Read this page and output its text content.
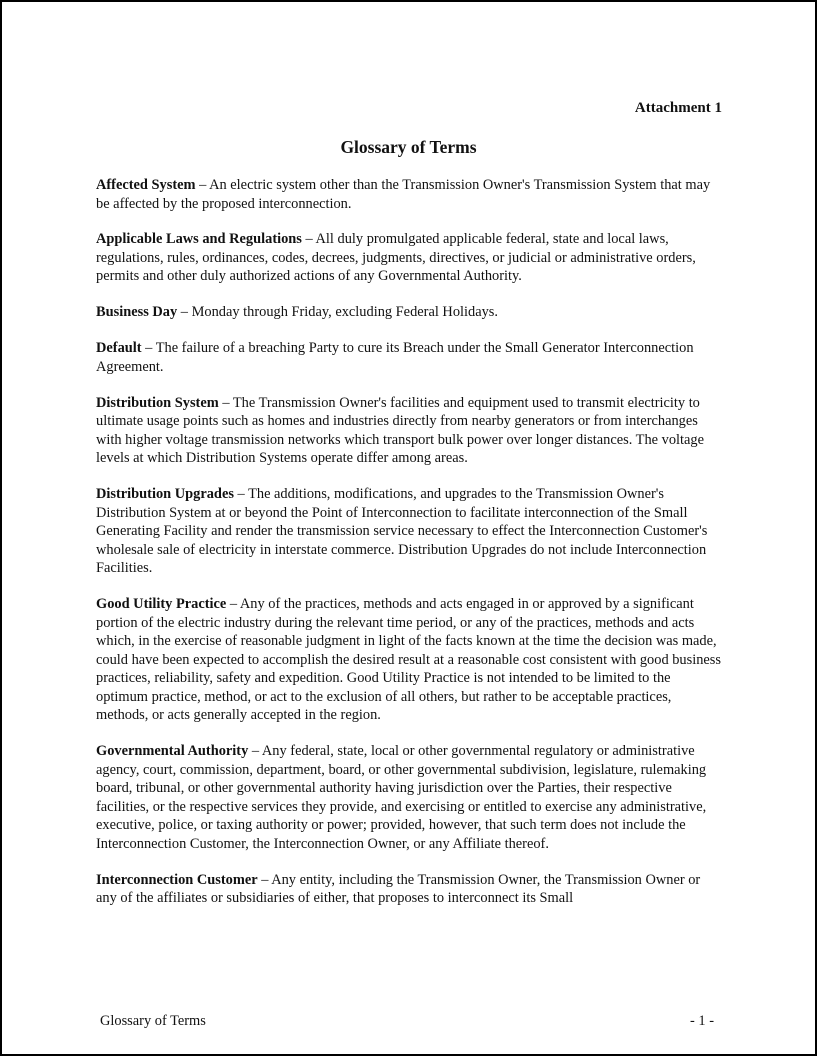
Attachment 1
Glossary of Terms

Affected System – An electric system other than the Transmission Owner's Transmission System that may be affected by the proposed interconnection.

Applicable Laws and Regulations – All duly promulgated applicable federal, state and local laws, regulations, rules, ordinances, codes, decrees, judgments, directives, or judicial or administrative orders, permits and other duly authorized actions of any Governmental Authority.

Business Day – Monday through Friday, excluding Federal Holidays.

Default – The failure of a breaching Party to cure its Breach under the Small Generator Interconnection Agreement.

Distribution System – The Transmission Owner's facilities and equipment used to transmit electricity to ultimate usage points such as homes and industries directly from nearby generators or from interchanges with higher voltage transmission networks which transport bulk power over longer distances. The voltage levels at which Distribution Systems operate differ among areas.

Distribution Upgrades – The additions, modifications, and upgrades to the Transmission Owner's Distribution System at or beyond the Point of Interconnection to facilitate interconnection of the Small Generating Facility and render the transmission service necessary to effect the Interconnection Customer's wholesale sale of electricity in interstate commerce. Distribution Upgrades do not include Interconnection Facilities.

Good Utility Practice – Any of the practices, methods and acts engaged in or approved by a significant portion of the electric industry during the relevant time period, or any of the practices, methods and acts which, in the exercise of reasonable judgment in light of the facts known at the time the decision was made, could have been expected to accomplish the desired result at a reasonable cost consistent with good business practices, reliability, safety and expedition. Good Utility Practice is not intended to be limited to the optimum practice, method, or act to the exclusion of all others, but rather to be acceptable practices, methods, or acts generally accepted in the region.

Governmental Authority – Any federal, state, local or other governmental regulatory or administrative agency, court, commission, department, board, or other governmental subdivision, legislature, rulemaking board, tribunal, or other governmental authority having jurisdiction over the Parties, their respective facilities, or the respective services they provide, and exercising or entitled to exercise any administrative, executive, police, or taxing authority or power; provided, however, that such term does not include the Interconnection Customer, the Interconnection Owner, or any Affiliate thereof.

Interconnection Customer – Any entity, including the Transmission Owner, the Transmission Owner or any of the affiliates or subsidiaries of either, that proposes to interconnect its Small

Glossary of Terms	- 1 -
